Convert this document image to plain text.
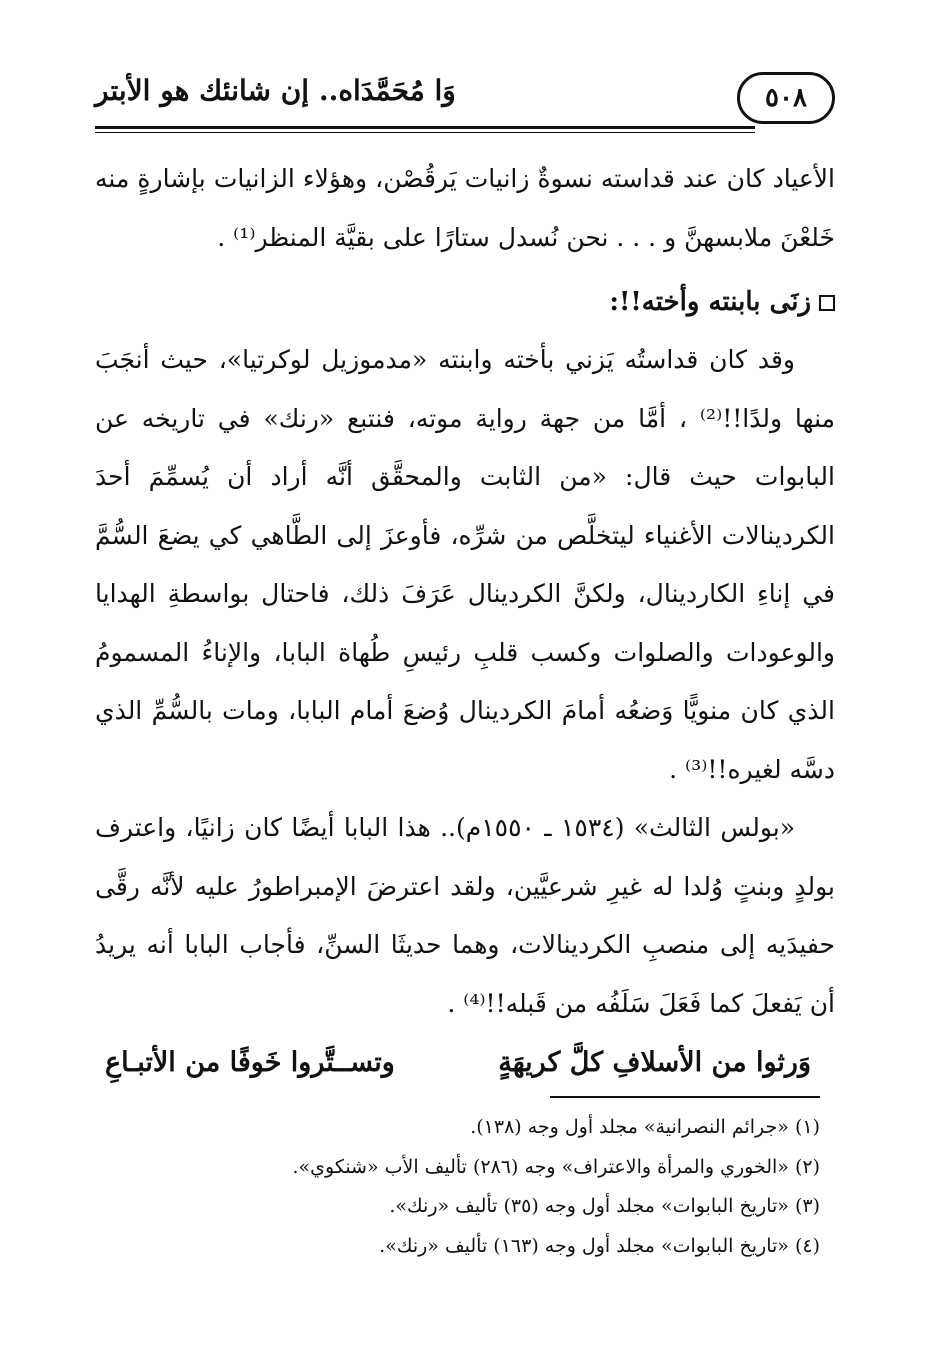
٥٠٨
وَا مُحَمَّدَاه.. إن شانئك هو الأبتر

الأعياد كان عند قداسته نسوةٌ زانيات يَرقُصْن، وهؤلاء الزانيات بإشارةٍ منه خَلعْنَ ملابسهنَّ و . . . نحن نُسدل ستارًا على بقيَّة المنظر⁽¹⁾ .

زنَى بابنته وأخته!!:

وقد كان قداستُه يَزني بأخته وابنته «مدموزيل لوكرتيا»، حيث أنجَبَ منها ولدًا!!⁽²⁾ ، أمَّا من جهة رواية موته، فنتبع «رنك» في تاريخه عن البابوات حيث قال: «من الثابت والمحقَّق أنَّه أراد أن يُسمِّمَ أحدَ الكردينالات الأغنياء ليتخلَّص من شرِّه، فأوعزَ إلى الطَّاهي كي يضعَ السُّمَّ في إناءِ الكاردينال، ولكنَّ الكردينال عَرَفَ ذلك، فاحتال بواسطةِ الهدايا والوعودات والصلوات وكسب قلبِ رئيسِ طُهاة البابا، والإناءُ المسمومُ الذي كان منويًّا وَضعُه أمامَ الكردينال وُضعَ أمام البابا، ومات بالسُّمِّ الذي دسَّه لغيره!!⁽³⁾ .

«بولس الثالث» (١٥٣٤ ـ ١٥٥٠م).. هذا البابا أيضًا كان زانيًا، واعترف بولدٍ وبنتٍ وُلدا له غيرِ شرعيَّين، ولقد اعترضَ الإمبراطورُ عليه لأنَّه رقَّى حفيدَيه إلى منصبِ الكردينالات، وهما حديثَا السنِّ، فأجاب البابا أنه يريدُ أن يَفعلَ كما فَعَلَ سَلَفُه من قَبله!!⁽⁴⁾ .

وَرثوا من الأسلافِ كلَّ كريهَةٍ
وتســتَّروا خَوفًا من الأتبـاعِ
(١) «جرائم النصرانية» مجلد أول وجه (١٣٨).
(٢) «الخوري والمرأة والاعتراف» وجه (٢٨٦) تأليف الأب «شنكوي».
(٣) «تاريخ البابوات» مجلد أول وجه (٣٥) تأليف «رنك».
(٤) «تاريخ البابوات» مجلد أول وجه (١٦٣) تأليف «رنك».
